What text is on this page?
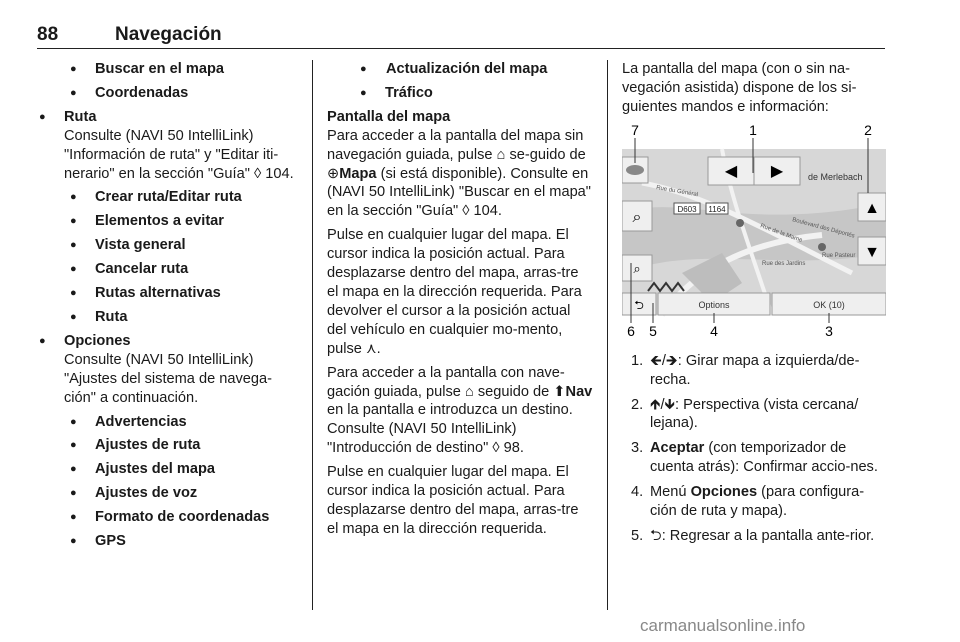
88	Navegación
● Buscar en el mapa
● Coordenadas
● Ruta
Consulte (NAVI 50 IntelliLink) "Información de ruta" y "Editar iti-nerario" en la sección "Guía" ◊ 104.
● Crear ruta/Editar ruta
● Elementos a evitar
● Vista general
● Cancelar ruta
● Rutas alternativas
● Ruta
● Opciones
Consulte (NAVI 50 IntelliLink) "Ajustes del sistema de navega-ción" a continuación.
● Advertencias
● Ajustes de ruta
● Ajustes del mapa
● Ajustes de voz
● Formato de coordenadas
● GPS
● Actualización del mapa
● Tráfico
Pantalla del mapa

Para acceder a la pantalla del mapa sin navegación guiada, pulse ⌂ se-guido de ⊕Mapa (si está disponible). Consulte en (NAVI 50 IntelliLink) "Buscar en el mapa" en la sección "Guía" ◊ 104.

Pulse en cualquier lugar del mapa. El cursor indica la posición actual. Para desplazarse dentro del mapa, arras-tre el mapa en la dirección requerida. Para devolver el cursor a la posición actual del vehículo en cualquier mo-mento, pulse ⋏.

Para acceder a la pantalla con nave-gación guiada, pulse ⌂ seguido de ⬆Nav en la pantalla e introduzca un destino. Consulte (NAVI 50 IntelliLink) "Introducción de destino" ◊ 98.

Pulse en cualquier lugar del mapa. El cursor indica la posición actual. Para desplazarse dentro del mapa, arras-tre el mapa en la dirección requerida.

La pantalla del mapa (con o sin na-vegación asistida) dispone de los si-guientes mandos e información:

◀ ▶
⌕
⌕
▲
▼
de Merlebach
D603 1164
Rue du Général
Rue de la Marne
Boulevard des Déportés
Rue des Jardins
Rue Pasteur
⮌	Options	OK (10)
7	1	2
6 5	4	3
1. 🡸/🡺: Girar mapa a izquierda/de-recha.
2. 🡹/🡻: Perspectiva (vista cercana/ lejana).
3. Aceptar (con temporizador de cuenta atrás): Confirmar accio-nes.
4. Menú Opciones (para configura-ción de ruta y mapa).
5. ⮌: Regresar a la pantalla ante-rior.
carmanualsonline.info
